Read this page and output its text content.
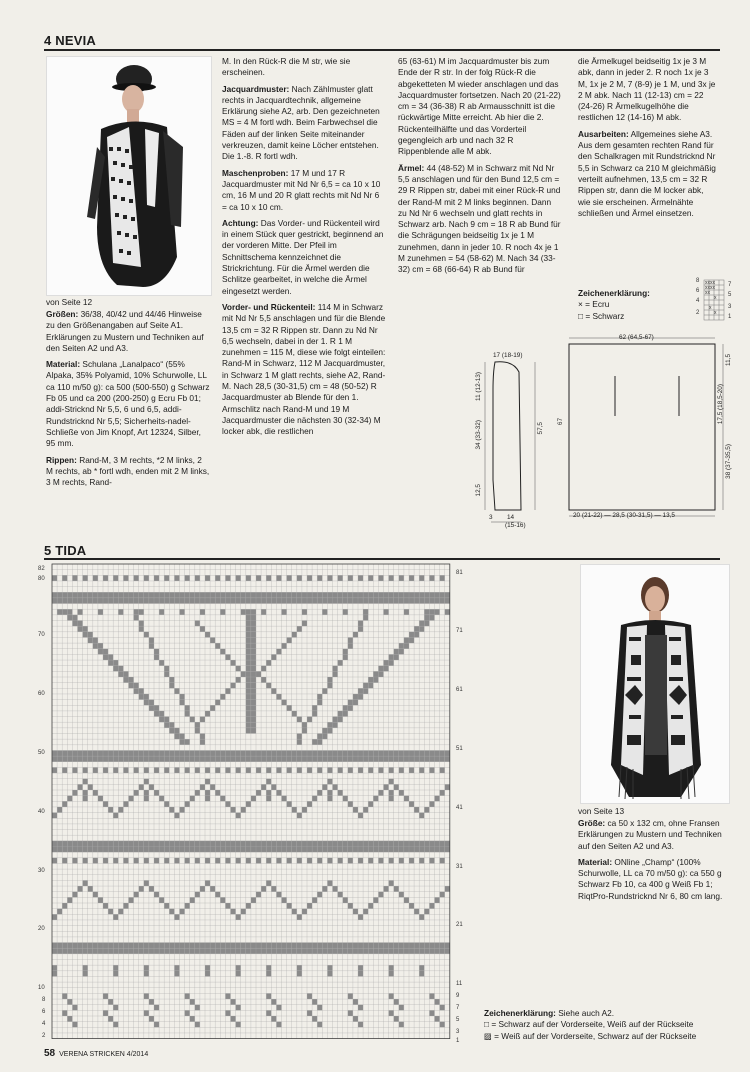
4 NEVIA
von Seite 12

Größen: 36/38, 40/42 und 44/46 Hinweise zu den Größenangaben auf Seite A1. Erklärungen zu Mustern und Techniken auf den Seiten A2 und A3.

Material: Schulana „Lanalpaco“ (55% Alpaka, 35% Polyamid, 10% Schurwolle, LL ca 110 m/50 g): ca 500 (500-550) g Schwarz Fb 05 und ca 200 (200-250) g Ecru Fb 01; addi-Stricknd Nr 5,5, 6 und 6,5, addi-Rundstricknd Nr 5,5; Sicherheits-nadel-Schließe von Jim Knopf, Art 12324, Silber, 95 mm.

Rippen: Rand-M, 3 M rechts, *2 M links, 2 M rechts, ab * fortl wdh, enden mit 2 M links, 3 M rechts, Rand-

M. In den Rück-R die M str, wie sie erscheinen.

Jacquardmuster: Nach Zählmuster glatt rechts in Jacquardtechnik, allgemeine Erklärung siehe A2, arb. Den gezeichneten MS = 4 M fortl wdh. Beim Farbwechsel die Fäden auf der linken Seite miteinander verkreuzen, damit keine Löcher entstehen. Die 1.-8. R fortl wdh.

Maschenproben: 17 M und 17 R Jacquardmuster mit Nd Nr 6,5 = ca 10 x 10 cm, 16 M und 20 R glatt rechts mit Nd Nr 6 = ca 10 x 10 cm.

Achtung: Das Vorder- und Rückenteil wird in einem Stück quer gestrickt, beginnend an der vorderen Mitte. Der Pfeil im Schnittschema kennzeichnet die Strickrichtung. Für die Ärmel werden die Schlitze gearbeitet, in welche die Ärmel eingesetzt werden.

Vorder- und Rückenteil: 114 M in Schwarz mit Nd Nr 5,5 anschlagen und für die Blende 13,5 cm = 32 R Rippen str. Dann zu Nd Nr 6,5 wechseln, dabei in der 1. R 1 M zunehmen = 115 M, diese wie folgt einteilen: Rand-M in Schwarz, 112 M Jacquardmuster, in Schwarz 1 M glatt rechts, siehe A2, Rand-M. Nach 28,5 (30-31,5) cm = 48 (50-52) R Jacquardmuster ab Blende für den 1. Armschlitz nach Rand-M und 19 M Jacquardmuster die nächsten 30 (32-34) M locker abk, die restlichen

65 (63-61) M im Jacquardmuster bis zum Ende der R str. In der folg Rück-R die abgeketteten M wieder anschlagen und das Jacquardmuster fortsetzen. Nach 20 (21-22) cm = 34 (36-38) R ab Armausschnitt ist die rückwärtige Mitte erreicht. Ab hier die 2. Rückenteilhälfte und das Vorderteil gegengleich arb und nach 32 R Rippenblende alle M abk.

Ärmel: 44 (48-52) M in Schwarz mit Nd Nr 5,5 anschlagen und für den Bund 12,5 cm = 29 R Rippen str, dabei mit einer Rück-R und der Rand-M mit 2 M links beginnen. Dann zu Nd Nr 6 wechseln und glatt rechts in Schwarz arb. Nach 9 cm = 18 R ab Bund für die Schrägungen beidseitig 1x je 1 M zunehmen, dann in jeder 10. R noch 4x je 1 M zunehmen = 54 (58-62) M. Nach 34 (33-32) cm = 68 (66-64) R ab Bund für

die Ärmelkugel beidseitig 1x je 3 M abk, dann in jeder 2. R noch 1x je 3 M, 1x je 2 M, 7 (8-9) je 1 M, und 3x je 2 M abk. Nach 11 (12-13) cm = 22 (24-26) R Ärmelkugelhöhe die restlichen 12 (14-16) M abk.

Ausarbeiten: Allgemeines siehe A3. Aus dem gesamten rechten Rand für den Schalkragen mit Rundstricknd Nr 5,5 in Schwarz ca 210 M gleichmäßig verteilt aufnehmen, 13,5 cm = 32 R Rippen str, dann die M locker abk, wie sie erscheinen. Ärmelnähte schließen und Ärmel einsetzen.

Zeichenerklärung:
× = Ecru
□ = Schwarz
xxxx
xxxx
xx
x
x
x
8
7
6
5
4
3
2
1
17 (18-19)
11 (12-13)
34 (33-32)
12,5
57,5
3 14
(15-16)
62 (64,5-67)
67
11,5
17,5 (18,5-20)
38 (37-35,5)
20 (21-22) — 28,5 (30-31,5) — 13,5
5 TIDA
82
80
70
60
50
40
30
20
10
8
6
4
2
81
71
61
51
41
31
21
11
9
7
5
3
1
von Seite 13

Größe: ca 50 x 132 cm, ohne Fransen Erklärungen zu Mustern und Techniken auf den Seiten A2 und A3.

Material: ONline „Champ“ (100% Schurwolle, LL ca 70 m/50 g): ca 550 g Schwarz Fb 10, ca 400 g Weiß Fb 1; RiqtPro-Rundstricknd Nr 6, 80 cm lang.

Zeichenerklärung: Siehe auch A2.
□ = Schwarz auf der Vorderseite, Weiß auf der Rückseite
▨ = Weiß auf der Vorderseite, Schwarz auf der Rückseite
58 VERENA STRICKEN 4/2014
